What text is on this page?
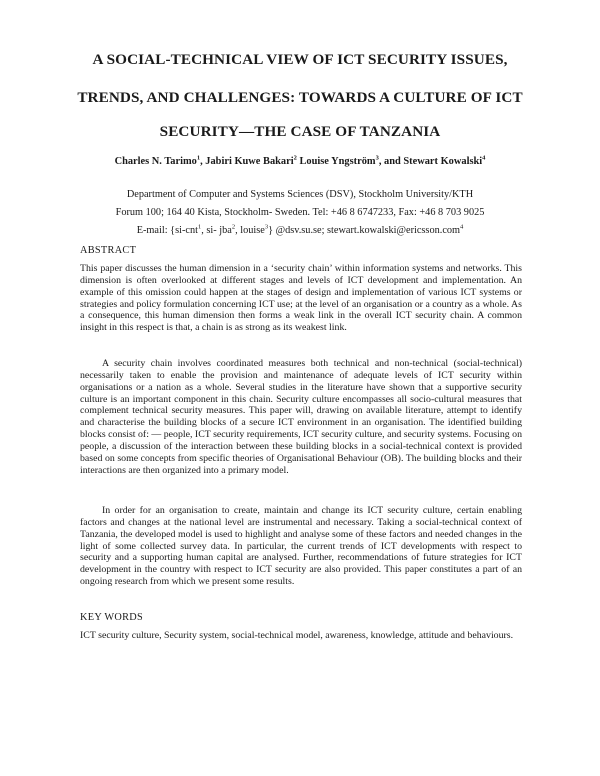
A SOCIAL-TECHNICAL VIEW OF ICT SECURITY ISSUES,
TRENDS, AND CHALLENGES: TOWARDS A CULTURE OF ICT
SECURITY—THE CASE OF TANZANIA

Charles N. Tarimo$^1$, Jabiri Kuwe Bakari$^2$ Louise Yngström$^3$, and Stewart Kowalski$^4$

Department of Computer and Systems Sciences (DSV), Stockholm University/KTH

Forum 100; 164 40 Kista, Stockholm- Sweden. Tel: +46 8 6747233, Fax: +46 8 703 9025

E-mail: {si-cnt$^1$, si- jba$^2$, louise$^3$} @dsv.su.se; stewart.kowalski@ericsson.com$^4$

ABSTRACT

This paper discusses the human dimension in a ‘security chain’ within information systems and networks. This dimension is often overlooked at different stages and levels of ICT development and implementation. An example of this omission could happen at the stages of design and implementation of various ICT systems or strategies and policy formulation concerning ICT use; at the level of an organisation or a country as a whole. As a consequence, this human dimension then forms a weak link in the overall ICT security chain. A common insight in this respect is that, a chain is as strong as its weakest link.

A security chain involves coordinated measures both technical and non-technical (social-technical) necessarily taken to enable the provision and maintenance of adequate levels of ICT security within organisations or a nation as a whole. Several studies in the literature have shown that a supportive security culture is an important component in this chain. Security culture encompasses all socio-cultural measures that complement technical security measures. This paper will, drawing on available literature, attempt to identify and characterise the building blocks of a secure ICT environment in an organisation. The identified building blocks consist of: — people, ICT security requirements, ICT security culture, and security systems. Focusing on people, a discussion of the interaction between these building blocks in a social-technical context is provided based on some concepts from specific theories of Organisational Behaviour (OB). The building blocks and their interactions are then organized into a primary model.

In order for an organisation to create, maintain and change its ICT security culture, certain enabling factors and changes at the national level are instrumental and necessary. Taking a social-technical context of Tanzania, the developed model is used to highlight and analyse some of these factors and needed changes in the light of some collected survey data. In particular, the current trends of ICT developments with respect to security and a supporting human capital are analysed. Further, recommendations of future strategies for ICT development in the country with respect to ICT security are also provided. This paper constitutes a part of an ongoing research from which we present some results.

KEY WORDS

ICT security culture, Security system, social-technical model, awareness, knowledge, attitude and behaviours.
